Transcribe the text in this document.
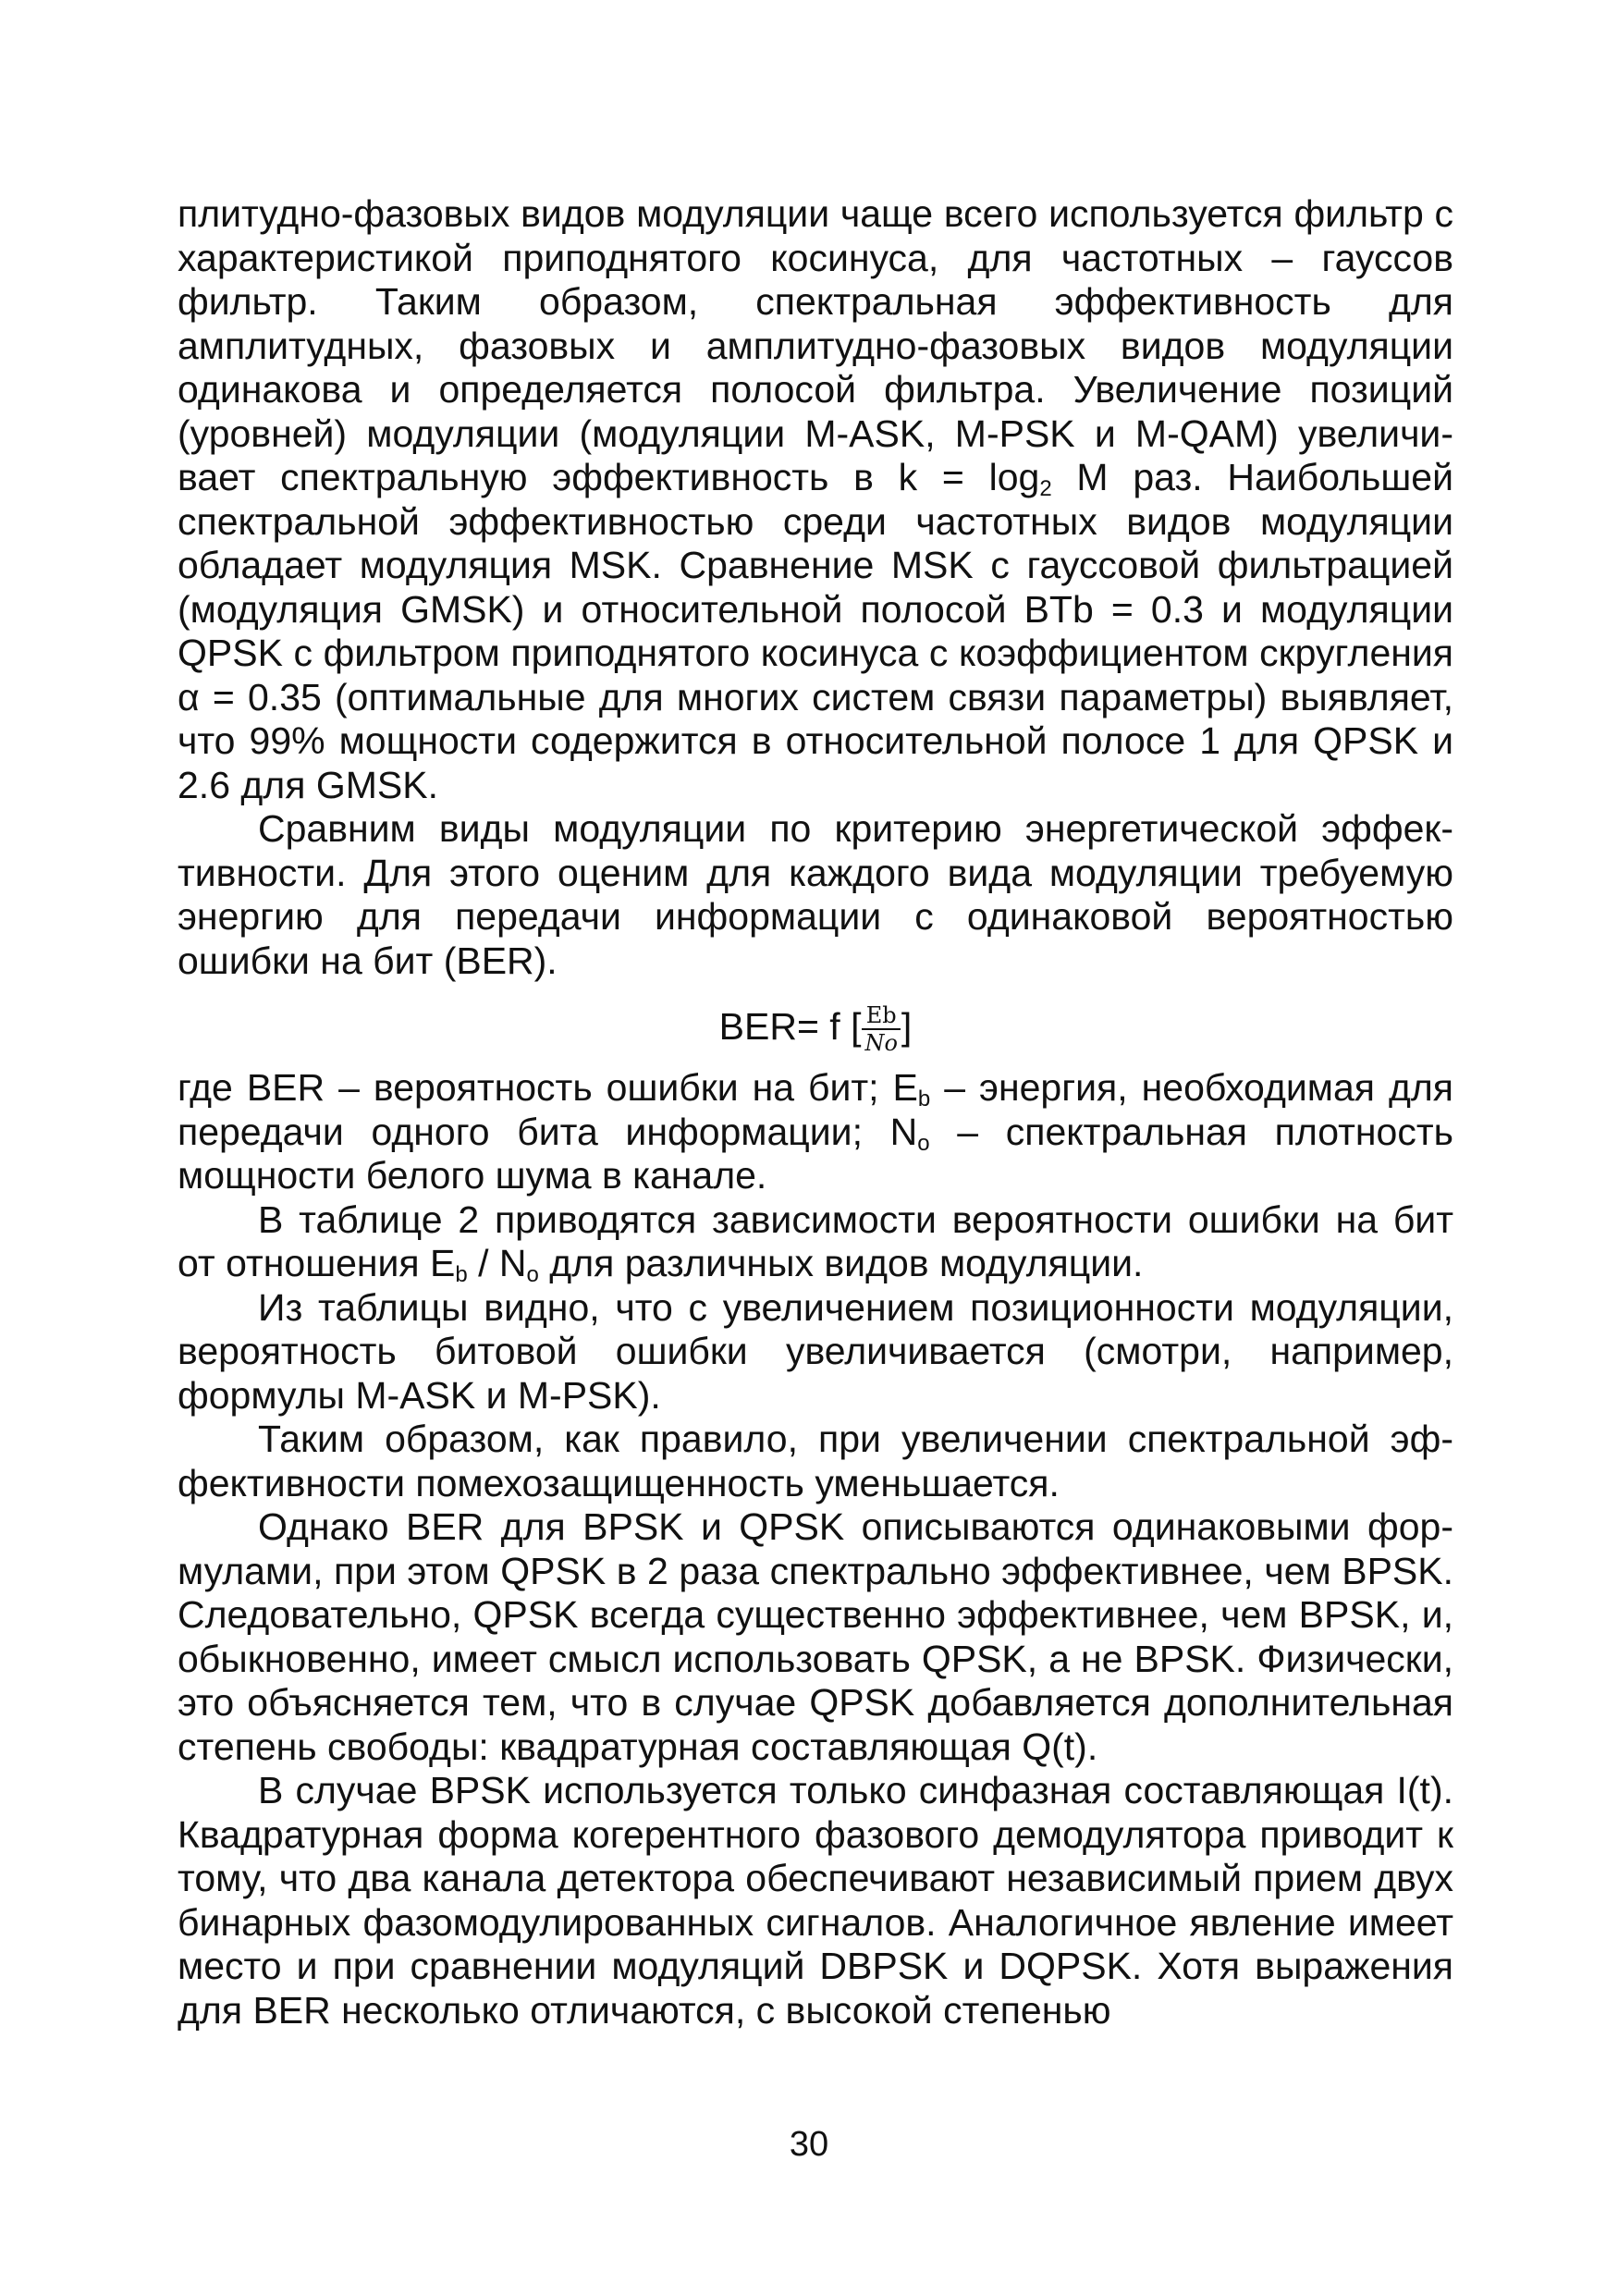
плитудно-фазовых видов модуляции чаще всего используется фильтр с характеристикой приподнятого косинуса, для частотных – гауссов фильтр. Таким образом, спектральная эффективность для амплитудных, фазовых и амплитудно-фазовых видов модуляции одинакова и определяется полосой фильтра. Увеличение позиций (уровней) модуляции (модуляции M-ASK, M-PSK и M-QAM) увеличивает спектральную эффективность в $k = \log_2 M$ раз. Наибольшей спектральной эффективностью среди частотных видов модуляции обладает модуляция MSK. Сравнение MSK с гауссовой фильтрацией (модуляция GMSK) и относительной полосой BTb = 0.3 и модуляции QPSK с фильтром приподнятого косинуса с коэффициентом скругления α = 0.35 (оптимальные для многих систем связи параметры) выявляет, что 99% мощности содержится в относительной полосе 1 для QPSK и 2.6 для GMSK.

Сравним виды модуляции по критерию энергетической эффективности. Для этого оценим для каждого вида модуляции требуемую энергию для передачи информации с одинаковой вероятностью ошибки на бит (BER).

BER= f [ $\frac{Eb}{No}$ ]

где BER – вероятность ошибки на бит; $E_b$ – энергия, необходимая для передачи одного бита информации; $N_o$ – спектральная плотность мощности белого шума в канале.

В таблице 2 приводятся зависимости вероятности ошибки на бит от отношения $E_b / N_o$ для различных видов модуляции.

Из таблицы видно, что с увеличением позиционности модуляции, вероятность битовой ошибки увеличивается (смотри, например, формулы M-ASK и M-PSK).

Таким образом, как правило, при увеличении спектральной эффективности помехозащищенность уменьшается.

Однако BER для BPSK и QPSK описываются одинаковыми формулами, при этом QPSK в 2 раза спектрально эффективнее, чем BPSK. Следовательно, QPSK всегда существенно эффективнее, чем BPSK, и, обыкновенно, имеет смысл использовать QPSK, а не BPSK. Физически, это объясняется тем, что в случае QPSK добавляется дополнительная степень свободы: квадратурная составляющая Q(t).

В случае BPSK используется только синфазная составляющая I(t). Квадратурная форма когерентного фазового демодулятора приводит к тому, что два канала детектора обеспечивают независимый прием двух бинарных фазомодулированных сигналов. Аналогичное явление имеет место и при сравнении модуляций DBPSK и DQPSK. Хотя выражения для BER несколько отличаются, с высокой степенью

30
